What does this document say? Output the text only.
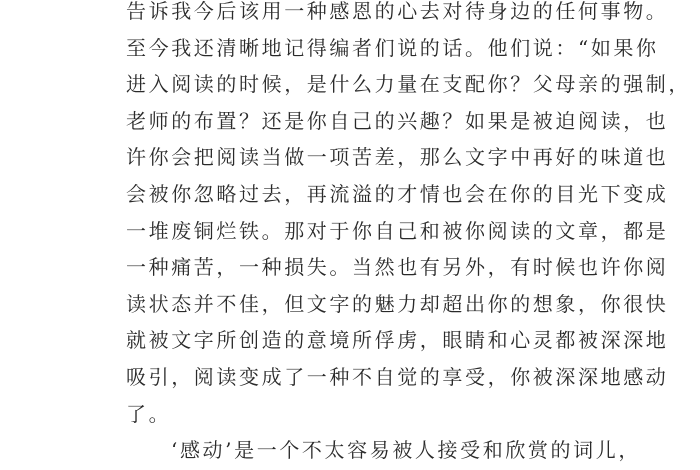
告诉我今后该用一种感恩的心去对待身边的任何事物。
至今我还清晰地记得编者们说的话。他们说：“如果你
进入阅读的时候，是什么力量在支配你？父母亲的强制，
老师的布置？还是你自己的兴趣？如果是被迫阅读，也
许你会把阅读当做一项苦差，那么文字中再好的味道也
会被你忽略过去，再流溢的才情也会在你的目光下变成
一堆废铜烂铁。那对于你自己和被你阅读的文章，都是
一种痛苦，一种损失。当然也有另外，有时候也许你阅
读状态并不佳，但文字的魅力却超出你的想象，你很快
就被文字所创造的意境所俘虏，眼睛和心灵都被深深地
吸引，阅读变成了一种不自觉的享受，你被深深地感动
了。
‘感动’是一个不太容易被人接受和欣赏的词儿，
